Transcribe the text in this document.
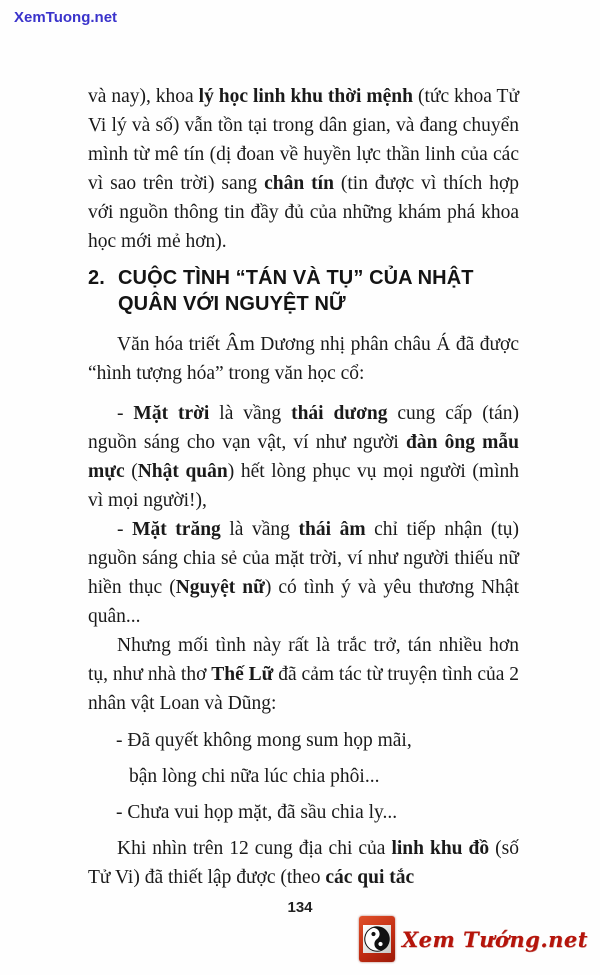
XemTuong.net

và nay), khoa lý học linh khu thời mệnh (tức khoa Tử Vi lý và số) vẫn tồn tại trong dân gian, và đang chuyển mình từ mê tín (dị đoan về huyền lực thần linh của các vì sao trên trời) sang chân tín (tin được vì thích hợp với nguồn thông tin đầy đủ của những khám phá khoa học mới mẻ hơn).

2. CUỘC TÌNH “TÁN VÀ TỤ” CỦA NHẬT QUÂN VỚI NGUYỆT NỮ

Văn hóa triết Âm Dương nhị phân châu Á đã được “hình tượng hóa” trong văn học cổ:

- Mặt trời là vầng thái dương cung cấp (tán) nguồn sáng cho vạn vật, ví như người đàn ông mẫu mực (Nhật quân) hết lòng phục vụ mọi người (mình vì mọi người!),

- Mặt trăng là vầng thái âm chỉ tiếp nhận (tụ) nguồn sáng chia sẻ của mặt trời, ví như người thiếu nữ hiền thục (Nguyệt nữ) có tình ý và yêu thương Nhật quân...

Nhưng mối tình này rất là trắc trở, tán nhiều hơn tụ, như nhà thơ Thế Lữ đã cảm tác từ truyện tình của 2 nhân vật Loan và Dũng:

- Đã quyết không mong sum họp mãi,

bận lòng chi nữa lúc chia phôi...

- Chưa vui họp mặt, đã sầu chia ly...

Khi nhìn trên 12 cung địa chi của linh khu đồ (số Tử Vi) đã thiết lập được (theo các qui tắc

134
Xem Tướng.net
